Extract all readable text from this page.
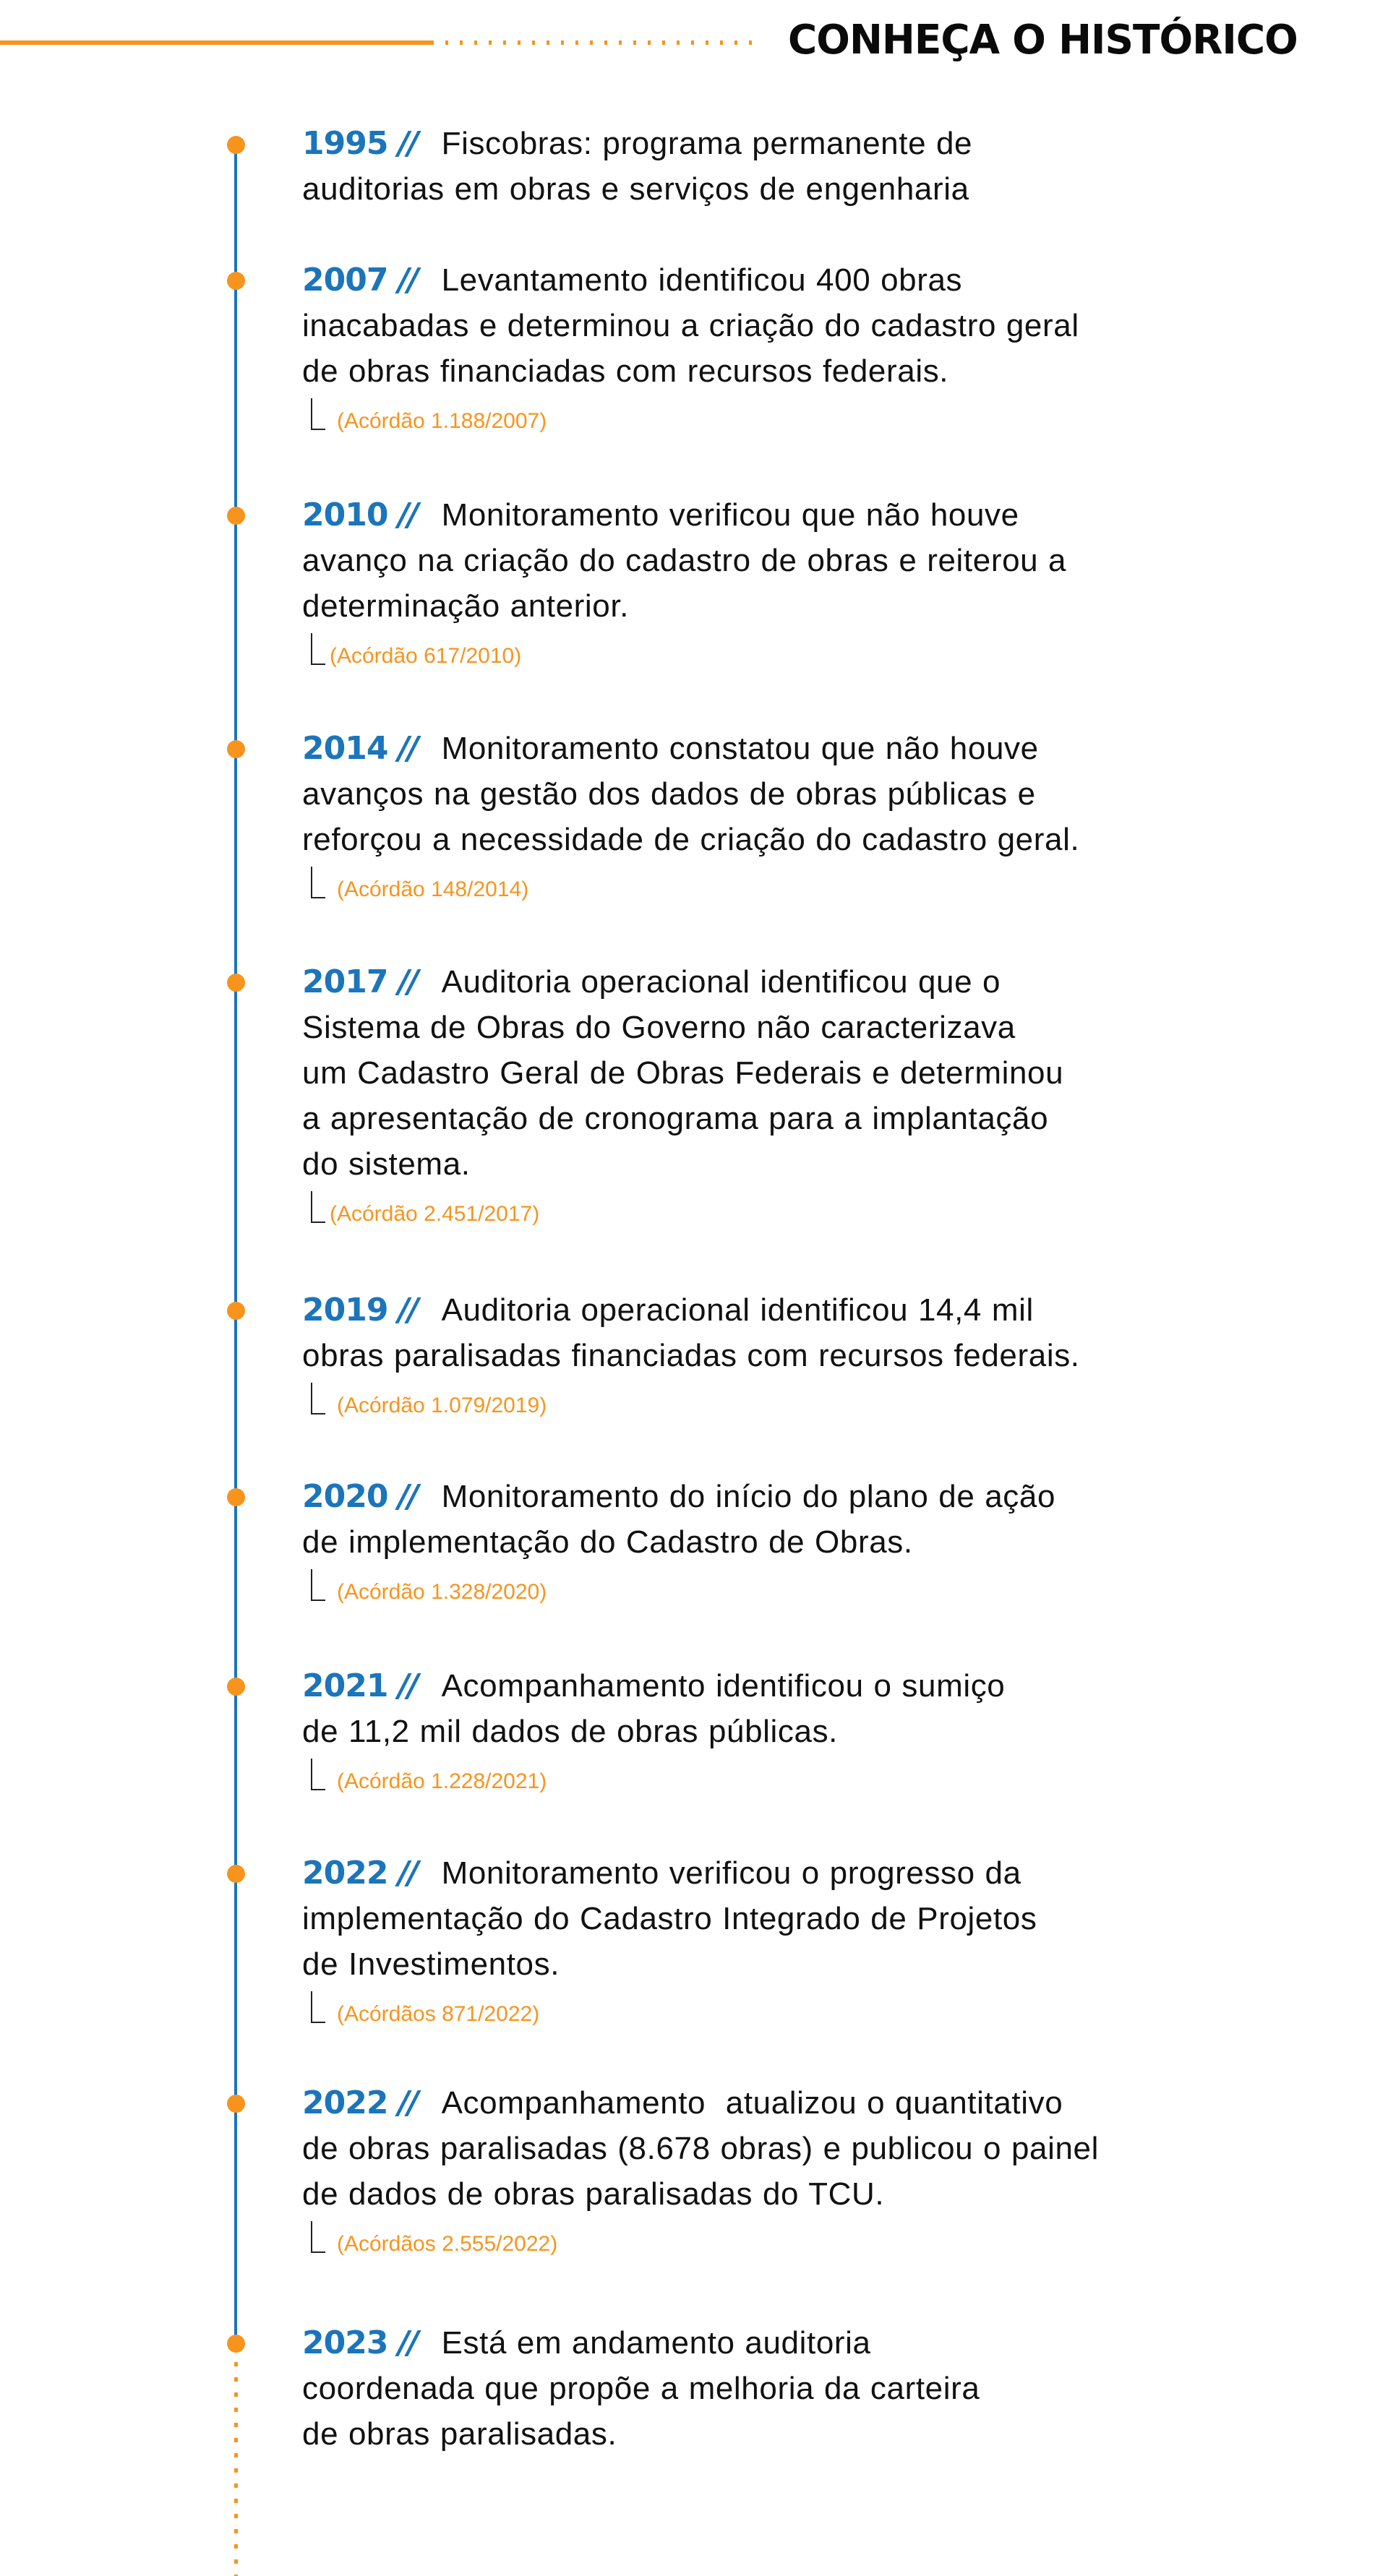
CONHEÇA O HISTÓRICO
1995 // Fiscobras: programa permanente de
auditorias em obras e serviços de engenharia
2007 // Levantamento identificou 400 obras
inacabadas e determinou a criação do cadastro geral
de obras financiadas com recursos federais.
(Acórdão 1.188/2007)
2010 // Monitoramento verificou que não houve
avanço na criação do cadastro de obras e reiterou a
determinação anterior.
(Acórdão 617/2010)
2014 // Monitoramento constatou que não houve
avanços na gestão dos dados de obras públicas e
reforçou a necessidade de criação do cadastro geral.
(Acórdão 148/2014)
2017 // Auditoria operacional identificou que o
Sistema de Obras do Governo não caracterizava
um Cadastro Geral de Obras Federais e determinou
a apresentação de cronograma para a implantação
do sistema.
(Acórdão 2.451/2017)
2019 // Auditoria operacional identificou 14,4 mil
obras paralisadas financiadas com recursos federais.
(Acórdão 1.079/2019)
2020 // Monitoramento do início do plano de ação
de implementação do Cadastro de Obras.
(Acórdão 1.328/2020)
2021 // Acompanhamento identificou o sumiço
de 11,2 mil dados de obras públicas.
(Acórdão 1.228/2021)
2022 // Monitoramento verificou o progresso da
implementação do Cadastro Integrado de Projetos
de Investimentos.
(Acórdãos 871/2022)
2022 // Acompanhamento  atualizou o quantitativo
de obras paralisadas (8.678 obras) e publicou o painel
de dados de obras paralisadas do TCU.
(Acórdãos 2.555/2022)
2023 // Está em andamento auditoria
coordenada que propõe a melhoria da carteira
de obras paralisadas.
